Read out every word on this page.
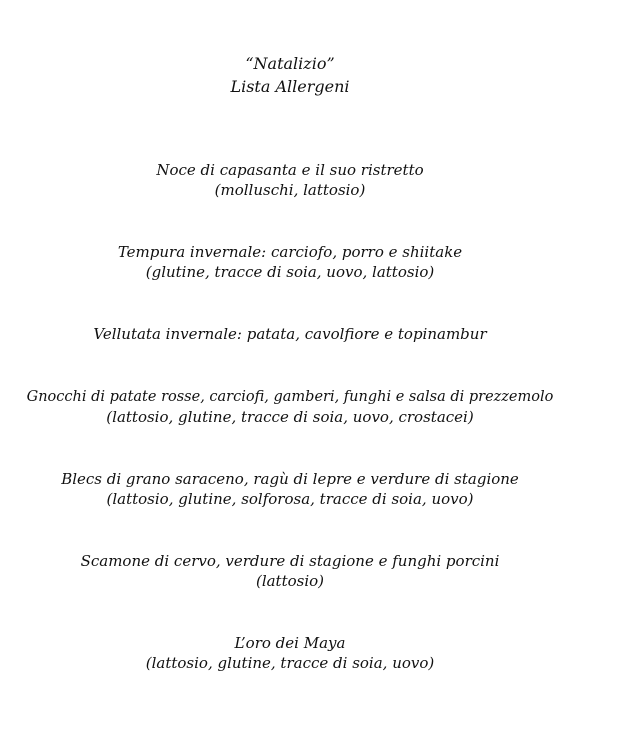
“Natalizio”
Lista Allergeni
Noce di capasanta e il suo ristretto
(molluschi, lattosio)
Tempura invernale: carciofo, porro e shiitake
(glutine, tracce di soia, uovo, lattosio)
Vellutata invernale: patata, cavolfiore e topinambur
Gnocchi di patate rosse, carciofi, gamberi, funghi e salsa di prezzemolo
(lattosio, glutine, tracce di soia, uovo, crostacei)
Blecs di grano saraceno, ragù di lepre e verdure di stagione
(lattosio, glutine, solforosa, tracce di soia, uovo)
Scamone di cervo, verdure di stagione e funghi porcini
(lattosio)
L’oro dei Maya
(lattosio, glutine, tracce di soia, uovo)
